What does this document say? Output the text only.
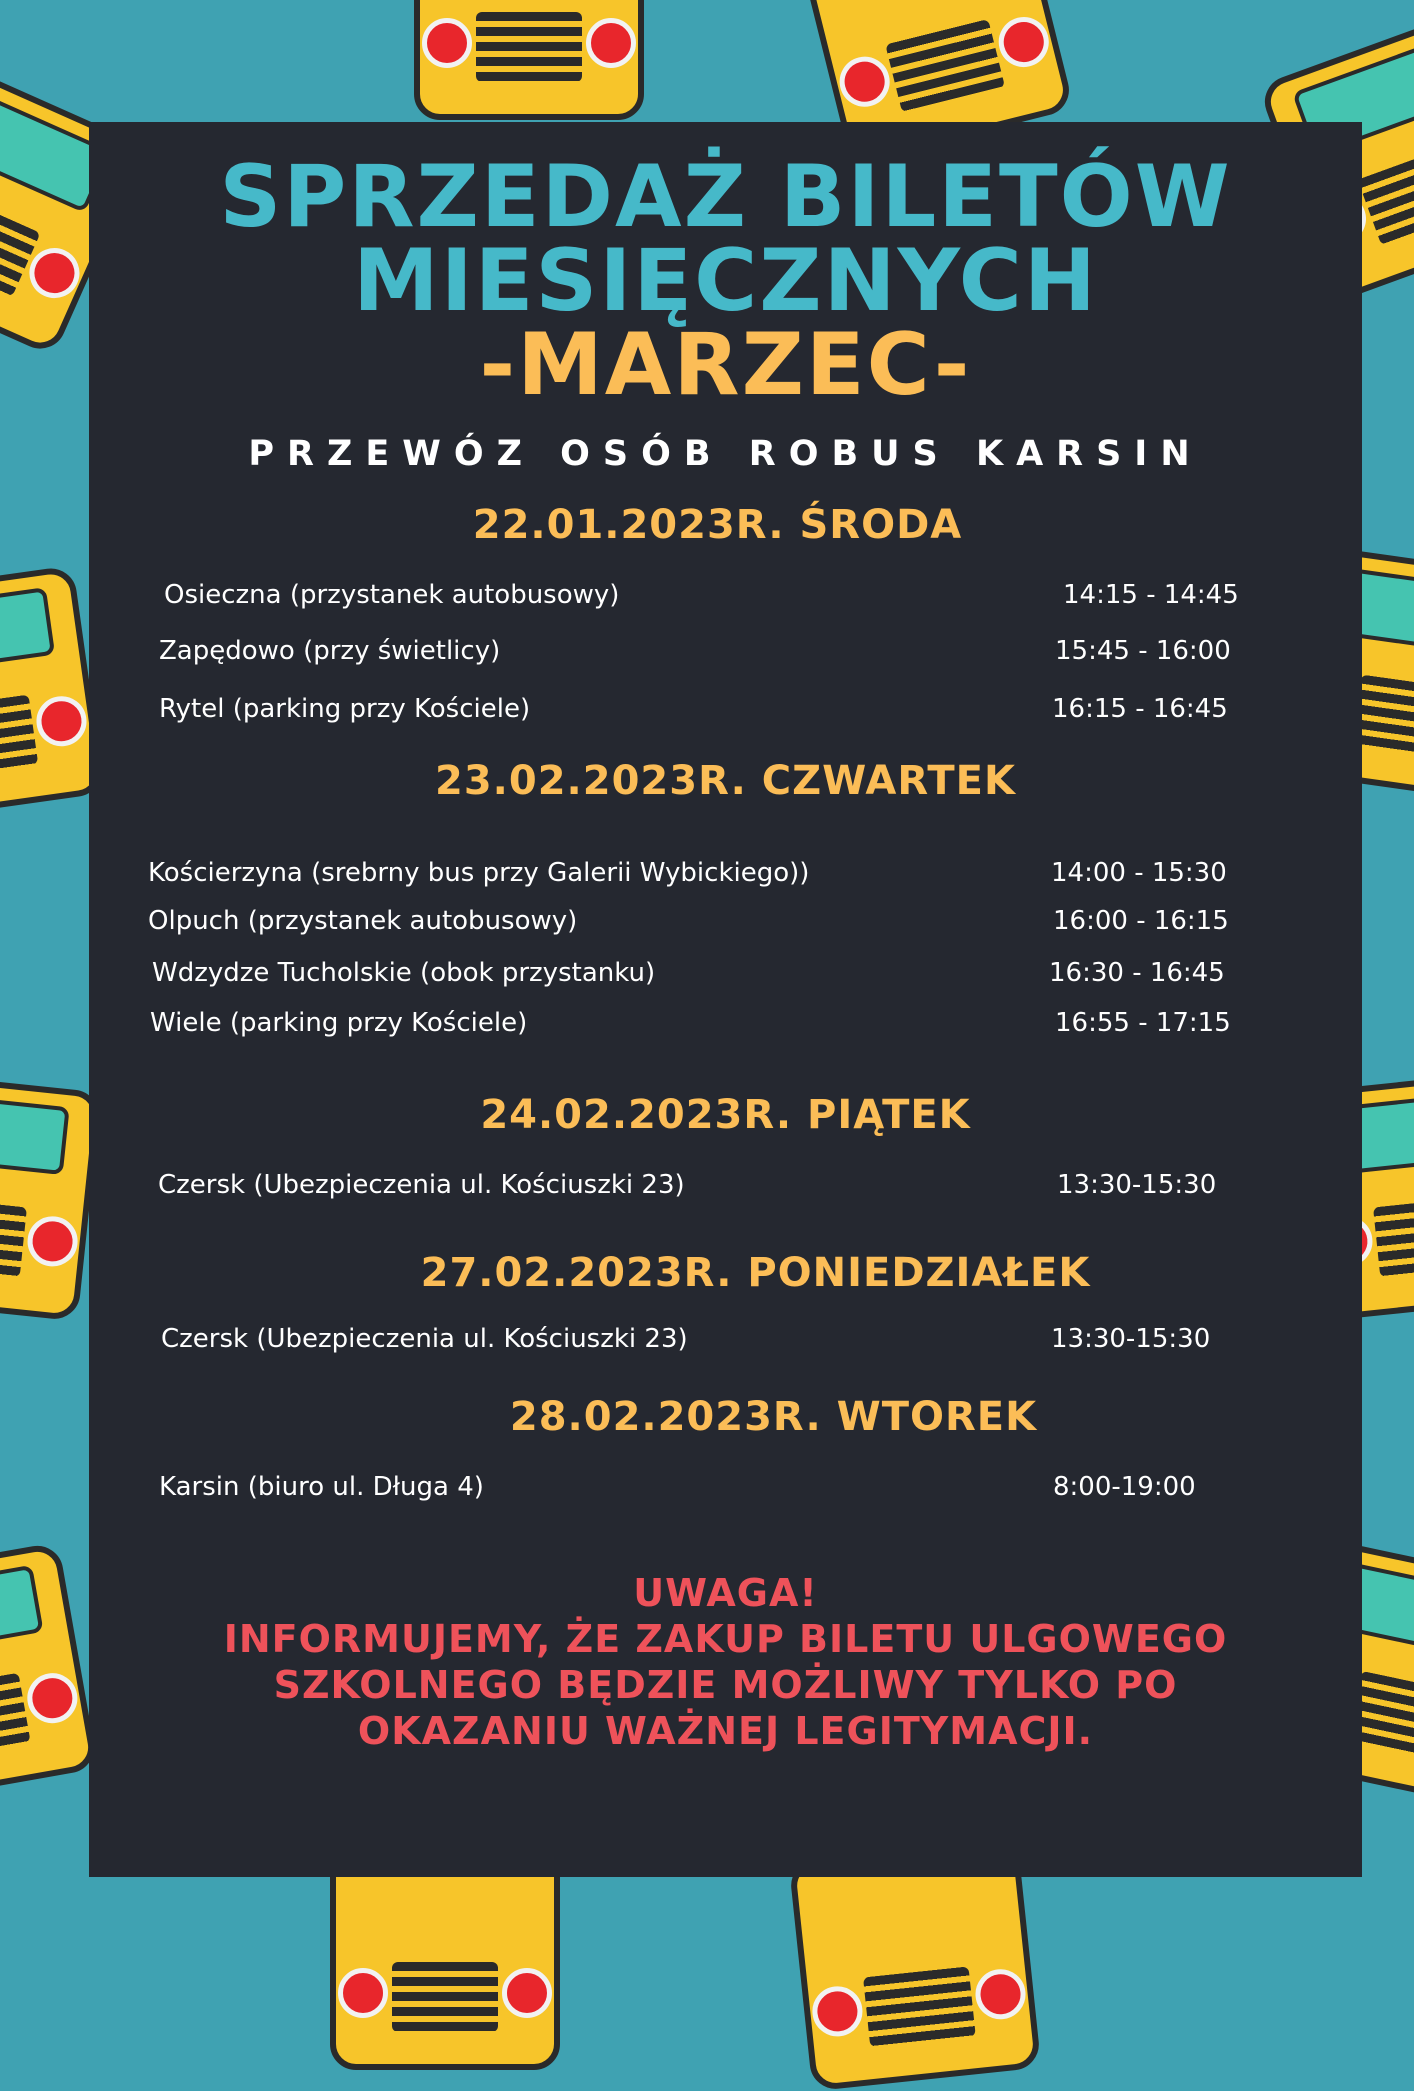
SPRZEDAŻ BILETÓW
MIESIĘCZNYCH
-MARZEC-
PRZEWÓZ OSÓB ROBUS KARSIN
22.01.2023R. ŚRODA
Osieczna (przystanek autobusowy)	14:15 - 14:45
Zapędowo (przy świetlicy)	15:45 - 16:00
Rytel (parking przy Kościele)	16:15 - 16:45
23.02.2023R. CZWARTEK
Kościerzyna (srebrny bus przy Galerii Wybickiego))	14:00 - 15:30
Olpuch (przystanek autobusowy)	16:00 - 16:15
Wdzydze Tucholskie (obok przystanku)	16:30 - 16:45
Wiele (parking przy Kościele)	16:55 - 17:15
24.02.2023R. PIĄTEK
Czersk (Ubezpieczenia ul. Kościuszki 23)	13:30-15:30
27.02.2023R. PONIEDZIAŁEK
Czersk (Ubezpieczenia ul. Kościuszki 23)	13:30-15:30
28.02.2023R. WTOREK
Karsin (biuro ul. Długa 4)	8:00-19:00
UWAGA!
INFORMUJEMY, ŻE ZAKUP BILETU ULGOWEGO
SZKOLNEGO BĘDZIE MOŻLIWY TYLKO PO
OKAZANIU WAŻNEJ LEGITYMACJI.
